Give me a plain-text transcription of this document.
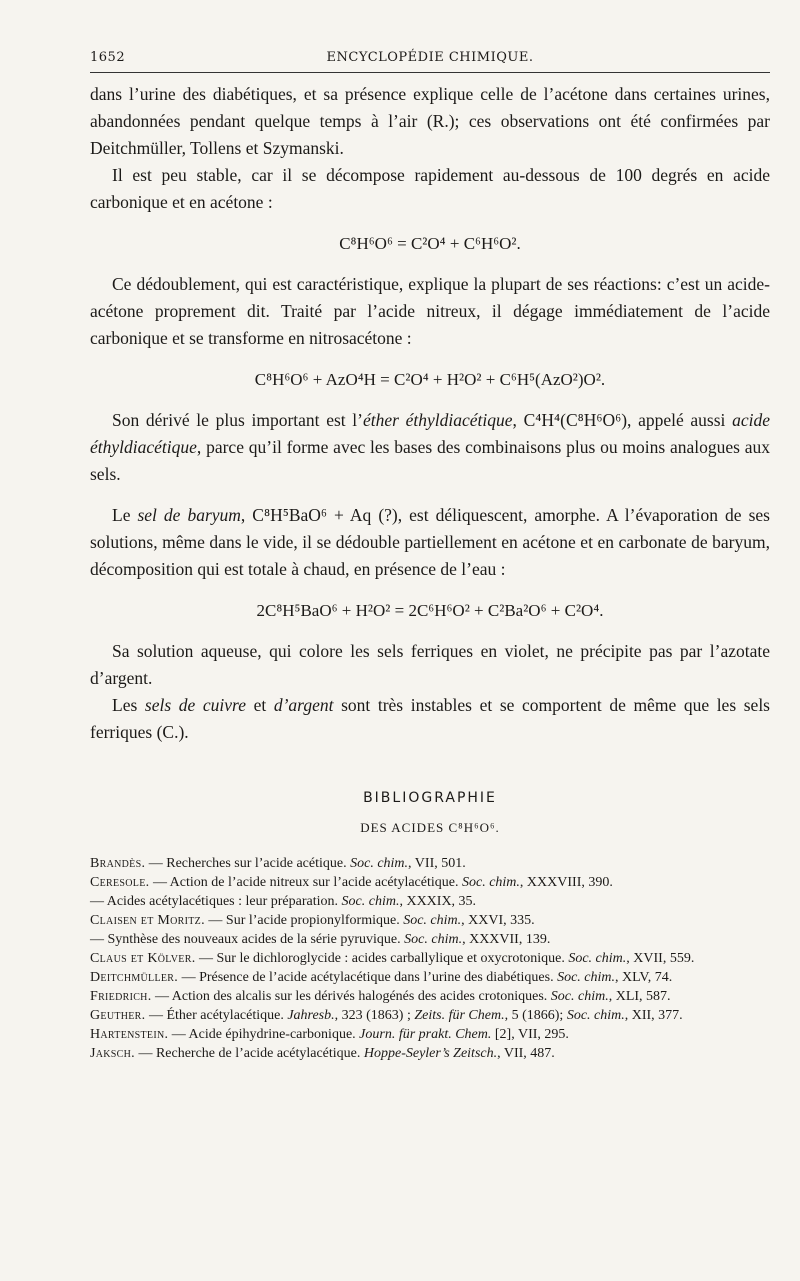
1652	ENCYCLOPÉDIE CHIMIQUE.

dans l’urine des diabétiques, et sa présence explique celle de l’acétone dans certaines urines, abandonnées pendant quelque temps à l’air (R.); ces observations ont été confirmées par Deitchmüller, Tollens et Szymanski.

Il est peu stable, car il se décompose rapidement au-dessous de 100 degrés en acide carbonique et en acétone :

C⁸H⁶O⁶ = C²O⁴ + C⁶H⁶O².

Ce dédoublement, qui est caractéristique, explique la plupart de ses réactions: c’est un acide-acétone proprement dit. Traité par l’acide nitreux, il dégage immédiatement de l’acide carbonique et se transforme en nitrosacétone :

C⁸H⁶O⁶ + AzO⁴H = C²O⁴ + H²O² + C⁶H⁵(AzO²)O².

Son dérivé le plus important est l’éther éthyldiacétique, C⁴H⁴(C⁸H⁶O⁶), appelé aussi acide éthyldiacétique, parce qu’il forme avec les bases des combinaisons plus ou moins analogues aux sels.

Le sel de baryum, C⁸H⁵BaO⁶ + Aq (?), est déliquescent, amorphe. A l’évaporation de ses solutions, même dans le vide, il se dédouble partiellement en acétone et en carbonate de baryum, décomposition qui est totale à chaud, en présence de l’eau :

2C⁸H⁵BaO⁶ + H²O² = 2C⁶H⁶O² + C²Ba²O⁶ + C²O⁴.

Sa solution aqueuse, qui colore les sels ferriques en violet, ne précipite pas par l’azotate d’argent.

Les sels de cuivre et d’argent sont très instables et se comportent de même que les sels ferriques (C.).

BIBLIOGRAPHIE
DES ACIDES C⁸H⁶O⁶.

Brandès. — Recherches sur l’acide acétique. Soc. chim., VII, 501.

Ceresole. — Action de l’acide nitreux sur l’acide acétylacétique. Soc. chim., XXXVIII, 390.

— Acides acétylacétiques : leur préparation. Soc. chim., XXXIX, 35.

Claisen et Moritz. — Sur l’acide propionylformique. Soc. chim., XXVI, 335.

— Synthèse des nouveaux acides de la série pyruvique. Soc. chim., XXXVII, 139.

Claus et Kölver. — Sur le dichloroglycide : acides carballylique et oxycrotonique. Soc. chim., XVII, 559.

Deitchmüller. — Présence de l’acide acétylacétique dans l’urine des diabétiques. Soc. chim., XLV, 74.

Friedrich. — Action des alcalis sur les dérivés halogénés des acides crotoniques. Soc. chim., XLI, 587.

Geuther. — Éther acétylacétique. Jahresb., 323 (1863) ; Zeits. für Chem., 5 (1866); Soc. chim., XII, 377.

Hartenstein. — Acide épihydrine-carbonique. Journ. für prakt. Chem. [2], VII, 295.

Jaksch. — Recherche de l’acide acétylacétique. Hoppe-Seyler’s Zeitsch., VII, 487.
